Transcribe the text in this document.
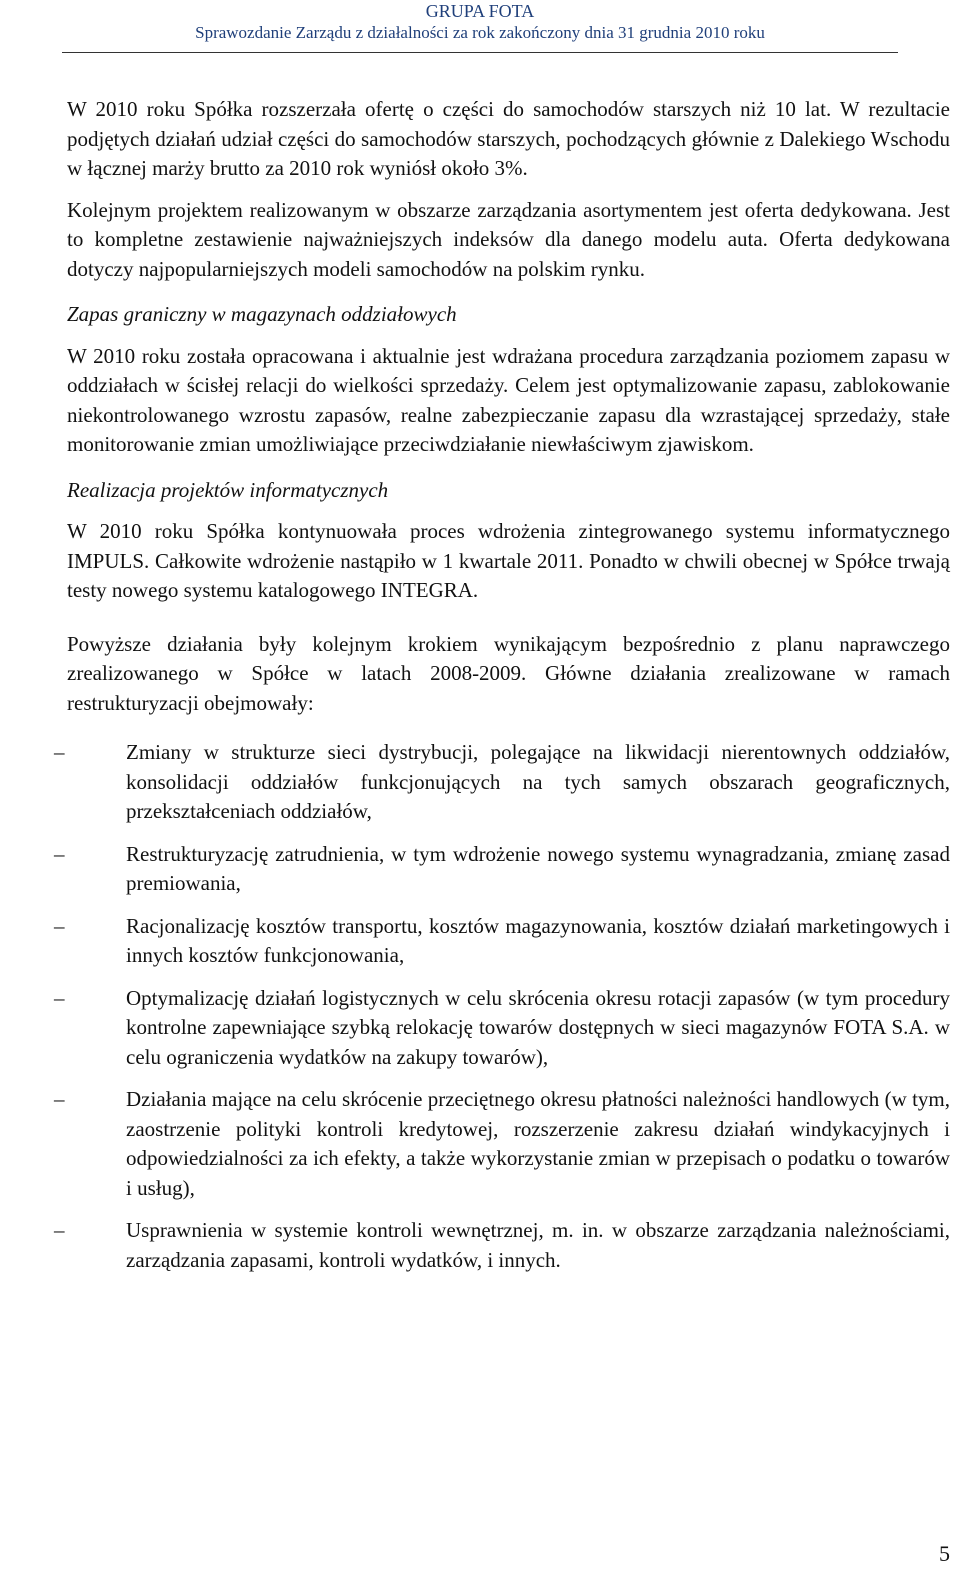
GRUPA FOTA
Sprawozdanie Zarządu z działalności za rok zakończony dnia 31 grudnia 2010 roku

W 2010 roku Spółka rozszerzała ofertę o części do samochodów starszych niż 10 lat. W rezultacie podjętych działań udział części do samochodów starszych, pochodzących głównie z Dalekiego Wschodu w łącznej marży brutto za 2010 rok wyniósł około 3%.

Kolejnym projektem realizowanym w obszarze zarządzania asortymentem jest oferta dedykowana. Jest to kompletne zestawienie najważniejszych indeksów dla danego modelu auta. Oferta dedykowana dotyczy najpopularniejszych modeli samochodów na polskim rynku.

Zapas graniczny w magazynach oddziałowych

W 2010 roku została opracowana i aktualnie jest wdrażana procedura zarządzania poziomem zapasu w oddziałach w ścisłej relacji do wielkości sprzedaży. Celem jest optymalizowanie zapasu, zablokowanie niekontrolowanego wzrostu zapasów, realne zabezpieczanie zapasu dla wzrastającej sprzedaży, stałe monitorowanie zmian umożliwiające przeciwdziałanie niewłaściwym zjawiskom.

Realizacja projektów informatycznych

W 2010 roku Spółka kontynuowała proces wdrożenia zintegrowanego systemu informatycznego IMPULS. Całkowite wdrożenie nastąpiło w 1 kwartale 2011. Ponadto w chwili obecnej w Spółce trwają testy nowego systemu katalogowego INTEGRA.

Powyższe działania były kolejnym krokiem wynikającym bezpośrednio z planu naprawczego zrealizowanego w Spółce w latach 2008-2009. Główne działania zrealizowane w ramach restrukturyzacji obejmowały:

–	Zmiany w strukturze sieci dystrybucji, polegające na likwidacji nierentownych oddziałów, konsolidacji oddziałów funkcjonujących na tych samych obszarach geograficznych, przekształceniach oddziałów,
–	Restrukturyzację zatrudnienia, w tym wdrożenie nowego systemu wynagradzania, zmianę zasad premiowania,
–	Racjonalizację kosztów transportu, kosztów magazynowania, kosztów działań marketingowych i innych kosztów funkcjonowania,
–	Optymalizację działań logistycznych w celu skrócenia okresu rotacji zapasów (w tym procedury kontrolne zapewniające szybką relokację towarów dostępnych w sieci magazynów FOTA S.A. w celu ograniczenia wydatków na zakupy towarów),
–	Działania mające na celu skrócenie przeciętnego okresu płatności należności handlowych (w tym, zaostrzenie polityki kontroli kredytowej, rozszerzenie zakresu działań windykacyjnych i odpowiedzialności za ich efekty, a także wykorzystanie zmian w przepisach o podatku o towarów i usług),
–	Usprawnienia w systemie kontroli wewnętrznej, m. in. w obszarze zarządzania należnościami, zarządzania zapasami, kontroli wydatków, i innych.
5
